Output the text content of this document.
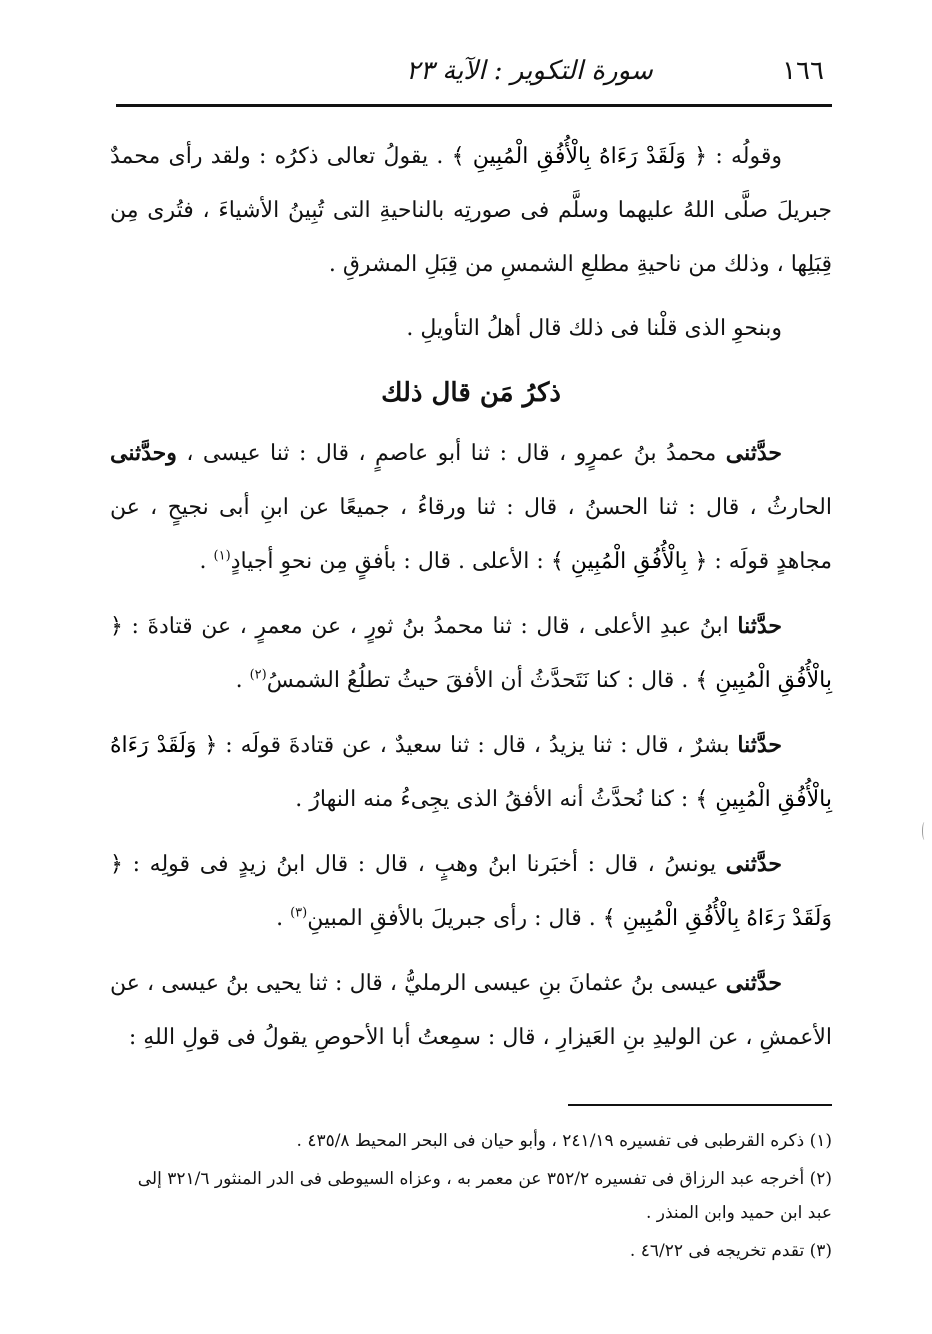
١٦٦
سورة التكوير : الآية ٢٣

وقولُه : ﴿ وَلَقَدْ رَءَاهُ بِالْأُفُقِ الْمُبِينِ ﴾ . يقولُ تعالى ذكرُه : ولقد رأى محمدٌ جبريلَ صلَّى اللهُ عليهما وسلَّم فى صورتِه بالناحيةِ التى تُبِينُ الأشياءَ ، فتُرى مِن قِبَلِها ، وذلك من ناحيةِ مطلعِ الشمسِ من قِبَلِ المشرقِ .

وبنحوِ الذى قلْنا فى ذلك قال أهلُ التأويلِ .

ذكرُ مَن قال ذلك

حدَّثنى محمدُ بنُ عمرٍو ، قال : ثنا أبو عاصمٍ ، قال : ثنا عيسى ، وحدَّثنى الحارثُ ، قال : ثنا الحسنُ ، قال : ثنا ورقاءُ ، جميعًا عن ابنِ أبى نجيحٍ ، عن مجاهدٍ قولَه : ﴿ بِالْأُفُقِ الْمُبِينِ ﴾ : الأعلى . قال : بأفقٍ مِن نحوِ أجيادٍ$^{(١)}$ .

حدَّثنا ابنُ عبدِ الأعلى ، قال : ثنا محمدُ بنُ ثورٍ ، عن معمرٍ ، عن قتادةَ : ﴿ بِالْأُفُقِ الْمُبِينِ ﴾ . قال : كنا نَتَحدَّثُ أن الأفقَ حيثُ تطلُعُ الشمسُ$^{(٢)}$ .

حدَّثنا بشرٌ ، قال : ثنا يزيدُ ، قال : ثنا سعيدٌ ، عن قتادةَ قولَه : ﴿ وَلَقَدْ رَءَاهُ بِالْأُفُقِ الْمُبِينِ ﴾ : كنا نُحدَّثُ أنه الأفقُ الذى يجِىءُ منه النهارُ .

حدَّثنى يونسُ ، قال : أخبَرنا ابنُ وهبٍ ، قال : قال ابنُ زيدٍ فى قولِه : ﴿ وَلَقَدْ رَءَاهُ بِالْأُفُقِ الْمُبِينِ ﴾ . قال : رأى جبريلَ بالأفقِ المبينِ$^{(٣)}$ .

حدَّثنى عيسى بنُ عثمانَ بنِ عيسى الرمليُّ ، قال : ثنا يحيى بنُ عيسى ، عن الأعمشِ ، عن الوليدِ بنِ العَيزارِ ، قال : سمِعتُ أبا الأحوصِ يقولُ فى قولِ اللهِ :

(١) ذكره القرطبى فى تفسيره ٢٤١/١٩ ، وأبو حيان فى البحر المحيط ٤٣٥/٨ .

(٢) أخرجه عبد الرزاق فى تفسيره ٣٥٢/٢ عن معمر به ، وعزاه السيوطى فى الدر المنثور ٣٢١/٦ إلى عبد ابن حميد وابن المنذر .

(٣) تقدم تخريجه فى ٤٦/٢٢ .
